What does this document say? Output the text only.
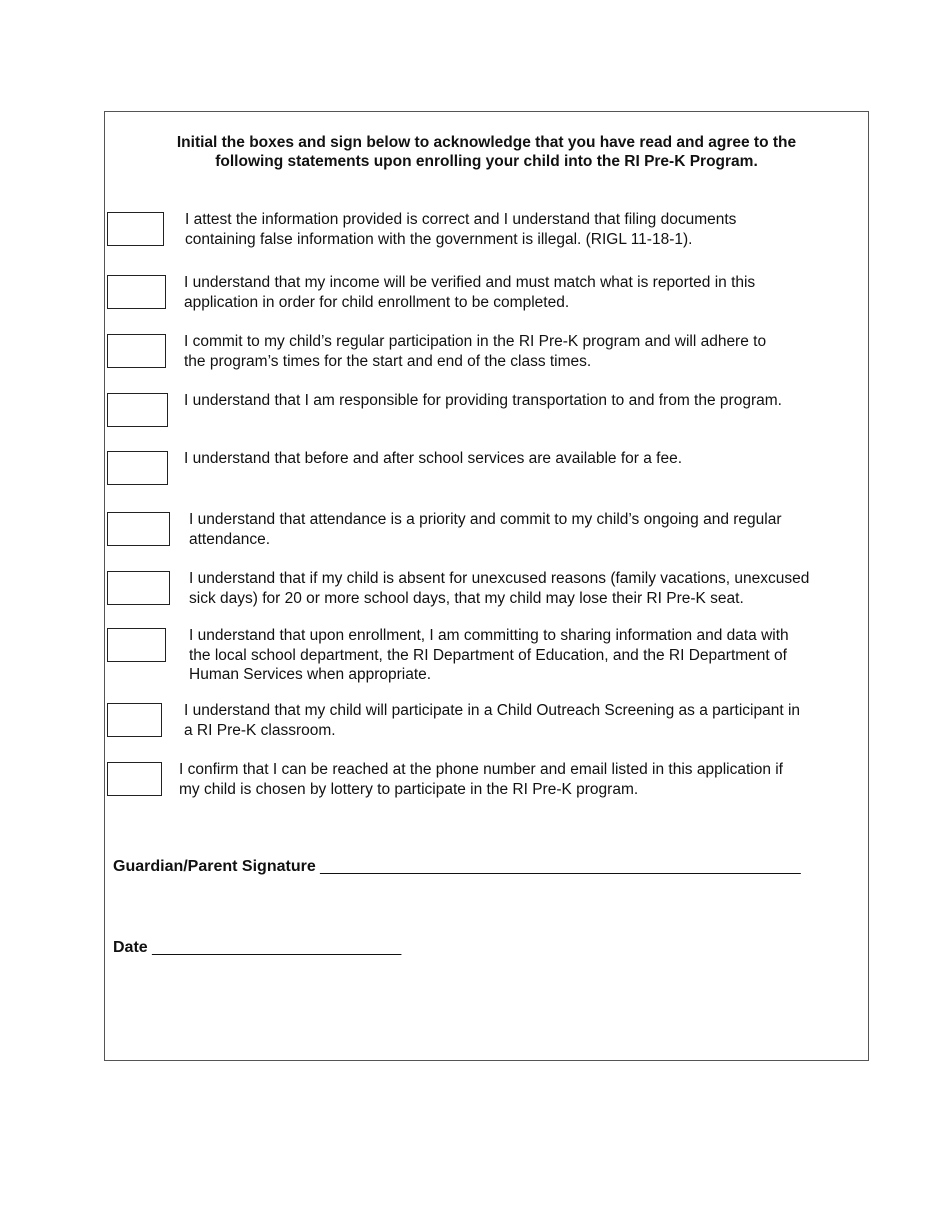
Initial the boxes and sign below to acknowledge that you have read and agree to the
following statements upon enrolling your child into the RI Pre-K Program.

I attest the information provided is correct and I understand that filing documents
containing false information with the government is illegal. (RIGL 11-18-1).

I understand that my income will be verified and must match what is reported in this
application in order for child enrollment to be completed.

I commit to my child’s regular participation in the RI Pre-K program and will adhere to
the program’s times for the start and end of the class times.

I understand that I am responsible for providing transportation to and from the program.

I understand that before and after school services are available for a fee.

I understand that attendance is a priority and commit to my child’s ongoing and regular
attendance.

I understand that if my child is absent for unexcused reasons (family vacations, unexcused
sick days) for 20 or more school days, that my child may lose their RI Pre-K seat.

I understand that upon enrollment, I am committing to sharing information and data with
the local school department, the RI Department of Education, and the RI Department of
Human Services when appropriate.

I understand that my child will participate in a Child Outreach Screening as a participant in
a RI Pre-K classroom.

I confirm that I can be reached at the phone number and email listed in this application if
my child is chosen by lottery to participate in the RI Pre-K program.

Guardian/Parent Signature ______________________________________________________

Date ____________________________
